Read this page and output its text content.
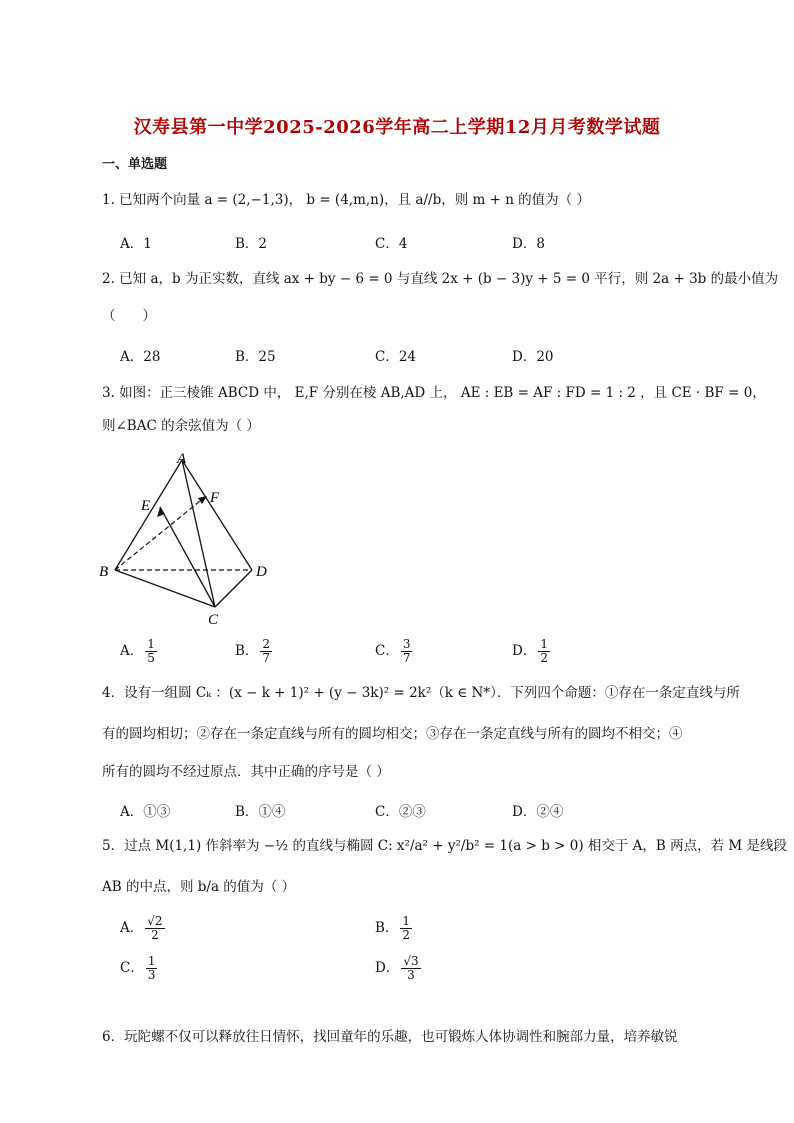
汉寿县第一中学2025-2026学年高二上学期12月月考数学试题
一、单选题
1. 已知两个向量 a = (2,−1,3)， b = (4,m,n)，且 a//b，则 m + n 的值为（ ）
A．1	B．2	C．4	D．8
2. 已知 a，b 为正实数，直线 ax + by − 6 = 0 与直线 2x + (b − 3)y + 5 = 0 平行，则 2a + 3b 的最小值为
（　　）
A．28	B．25	C．24	D．20
3. 如图：正三棱锥 ABCD 中， E,F 分别在棱 AB,AD 上， AE : EB = AF : FD = 1 : 2 ，且 CE · BF = 0，
则∠BAC 的余弦值为（ ）
A
B
C
D
E	F
A． $\frac{1}{5}$	B． $\frac{2}{7}$	C． $\frac{3}{7}$	D． $\frac{1}{2}$
4．设有一组圆 Cₖ ：(x − k + 1)² + (y − 3k)² = 2k²（k ∈ N*）．下列四个命题：①存在一条定直线与所
有的圆均相切；②存在一条定直线与所有的圆均相交；③存在一条定直线与所有的圆均不相交；④
所有的圆均不经过原点．其中正确的序号是（ ）
A．①③	B．①④	C．②③	D．②④
5．过点 M(1,1) 作斜率为 −½ 的直线与椭圆 C: x²/a² + y²/b² = 1(a > b > 0) 相交于 A，B 两点，若 M 是线段
AB 的中点，则 b/a 的值为（ ）
A． $\frac{√2}{2}$	B． $\frac{1}{2}$
C． $\frac{1}{3}$	D． $\frac{√3}{3}$
6．玩陀螺不仅可以释放往日情怀，找回童年的乐趣，也可锻炼人体协调性和腕部力量，培养敏锐
